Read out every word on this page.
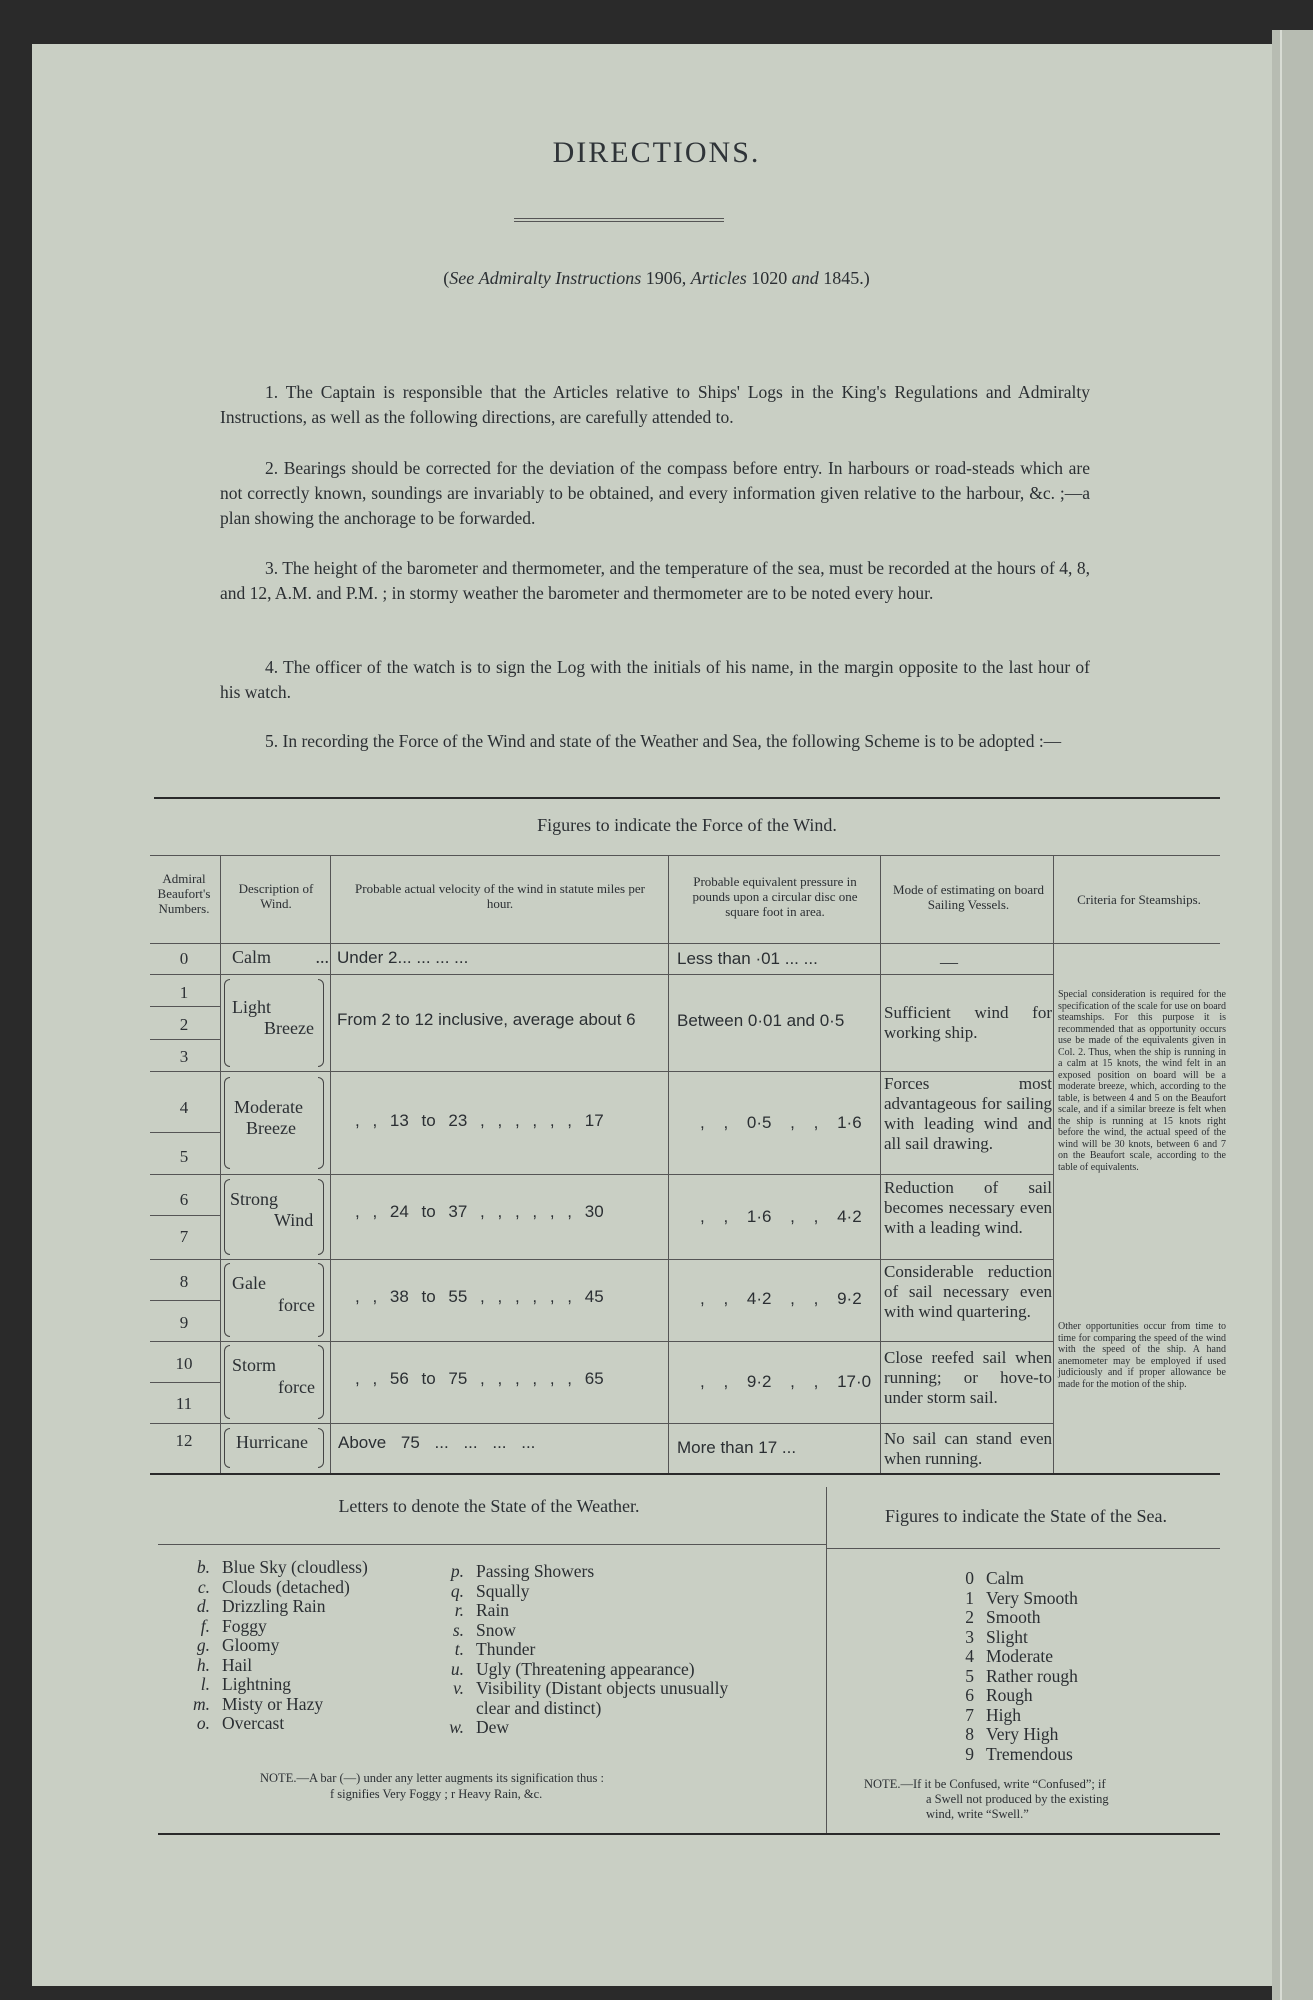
DIRECTIONS.
(See Admiralty Instructions 1906, Articles 1020 and 1845.)

1. The Captain is responsible that the Articles relative to Ships' Logs in the King's Regulations and Admiralty Instructions, as well as the following directions, are carefully attended to.

2. Bearings should be corrected for the deviation of the compass before entry. In harbours or road-steads which are not correctly known, soundings are invariably to be obtained, and every information given relative to the harbour, &c. ;—a plan showing the anchorage to be forwarded.

3. The height of the barometer and thermometer, and the temperature of the sea, must be recorded at the hours of 4, 8, and 12, A.M. and P.M. ; in stormy weather the barometer and thermometer are to be noted every hour.

4. The officer of the watch is to sign the Log with the initials of his name, in the margin opposite to the last hour of his watch.

5. In recording the Force of the Wind and state of the Weather and Sea, the following Scheme is to be adopted :—

Figures to indicate the Force of the Wind.
Admiral Beaufort's Numbers.
Description of Wind.
Probable actual velocity of the wind in statute miles per hour.
Probable equivalent pressure in pounds upon a circular disc one square foot in area.
Mode of estimating on board Sailing Vessels.	Criteria for Steamships.
0
1
2
3
4
5
6
7
8
9
10
11
12
Calm ...
Light
Breeze
Moderate
Breeze
Strong
Wind
Gale
force
Storm
force
Hurricane
Under 2... ... ... ...
From 2 to 12 inclusive, average about 6
, , 13 to 23 , , , , , , 17
, , 24 to 37 , , , , , , 30
, , 38 to 55 , , , , , , 45
, , 56 to 75 , , , , , , 65
Above 75 ... ... ... ...
Less than ·01 ... ...
Between 0·01 and 0·5
, , 0·5 , , 1·6
, , 1·6 , , 4·2
, , 4·2 , , 9·2
, , 9·2 , , 17·0
More than 17 ...
—
Sufficient wind for working ship.
Forces most advantageous for sailing with leading wind and all sail drawing.
Reduction of sail becomes necessary even with a leading wind.
Considerable reduction of sail necessary even with wind quartering.
Close reefed sail when running; or hove-to under storm sail.
No sail can stand even when running.
Special consideration is required for the specification of the scale for use on board steamships. For this purpose it is recommended that as opportunity occurs use be made of the equivalents given in Col. 2. Thus, when the ship is running in a calm at 15 knots, the wind felt in an exposed position on board will be a moderate breeze, which, according to the table, is between 4 and 5 on the Beaufort scale, and if a similar breeze is felt when the ship is running at 15 knots right before the wind, the actual speed of the wind will be 30 knots, between 6 and 7 on the Beaufort scale, according to the table of equivalents.
Other opportunities occur from time to time for comparing the speed of the wind with the speed of the ship. A hand anemometer may be employed if used judiciously and if proper allowance be made for the motion of the ship.
Letters to denote the State of the Weather.	Figures to indicate the State of the Sea.
b. Blue Sky (cloudless)
c. Clouds (detached)
d. Drizzling Rain
f. Foggy
g. Gloomy
h. Hail
l. Lightning
m. Misty or Hazy
o. Overcast
p. Passing Showers
q. Squally
r. Rain
s. Snow
t. Thunder
u. Ugly (Threatening appearance)
v. Visibility (Distant objects unusually
clear and distinct)
w. Dew
NOTE.—A bar (—) under any letter augments its signification thus :
f signifies Very Foggy ; r Heavy Rain, &c.
0 Calm
1 Very Smooth
2 Smooth
3 Slight
4 Moderate
5 Rather rough
6 Rough
7 High
8 Very High
9 Tremendous
NOTE.—If it be Confused, write “Confused”; if
a Swell not produced by the existing
wind, write “Swell.”
